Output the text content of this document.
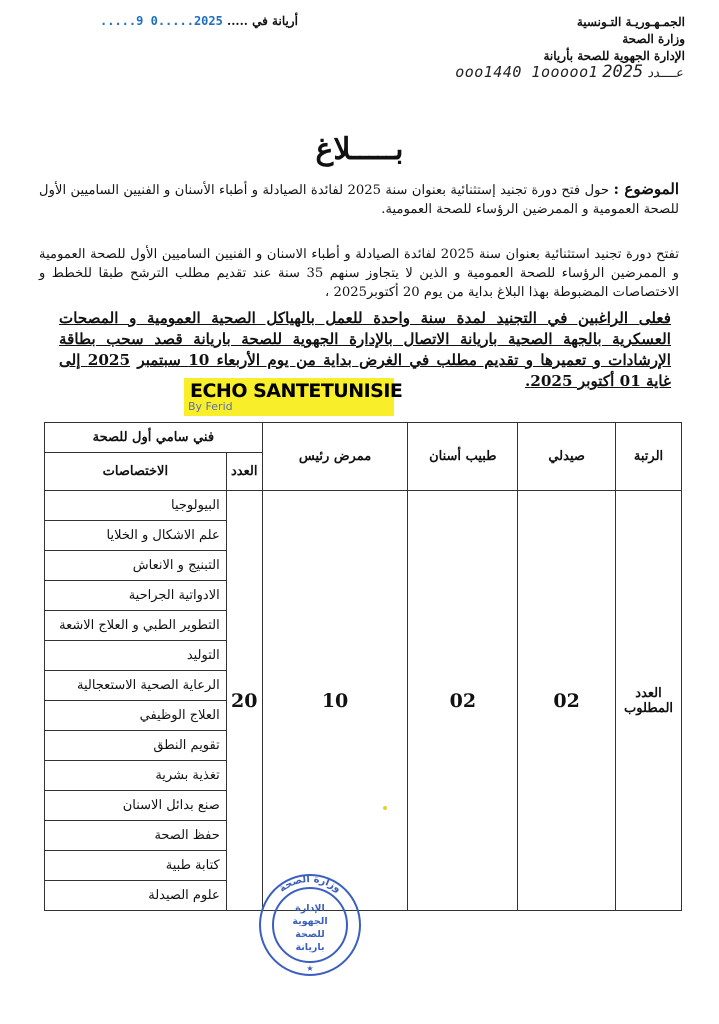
الجمـهـوريـة التـونسية
وزارة الصحة
الإدارة الجهوية للصحة بأريانة
أريانة في ..... 2025.....0 9.....
ooo1440 1ooooo1	عــــدد 2025
بـــــلاغ
الموضوع : حول فتح دورة تجنيد إستثنائية بعنوان سنة 2025 لفائدة الصيادلة و أطباء الأسنان و الفنيين الساميين الأول للصحة العمومية و الممرضين الرؤساء للصحة العمومية.
تفتح دورة تجنيد استثنائية بعنوان سنة 2025 لفائدة الصيادلة و أطباء الاسنان و الفنيين الساميين الأول للصحة العمومية و الممرضين الرؤساء للصحة العمومية و الذين لا يتجاوز سنهم 35 سنة عند تقديم مطلب الترشح طبقا للخطط و الاختصاصات المضبوطة بهذا البلاغ بداية من يوم 20 أكتوبر2025 ،
فعلى الراغبين في التجنيد لمدة سنة واحدة للعمل بالهياكل الصحية العمومية و المصحات العسكرية بالجهة الصحية باريانة الاتصال بالإدارة الجهوية للصحة باريانة قصد سحب بطاقة الإرشادات و تعميرها و تقديم مطلب في الغرض بداية من يوم الأربعاء 10 سبتمبر 2025 إلى غاية 01 أكتوبر 2025.
ECHO SANTETUNISIE
By Ferid
الرتبة	صيدلي	طبيب أسنان	ممرض رئيس	فني سامي أول للصحة	
				العدد	الاختصاصات
العدد المطلوب	02	02	10	20	البيولوجيا
					علم الاشكال و الخلايا
					التبنيج و الانعاش
					الادواتية الجراحية
					التطوير الطبي و العلاج الاشعة
					التوليد
					الرعاية الصحية الاستعجالية
					العلاج الوظيفي
					تقويم النطق
					تغذية بشرية
					صنع بدائل الاسنان
					حفظ الصحة
					كتابة طبية
					علوم الصيدلة	وزارة الصحة
الإدارة
الجهوية
للصحة
باريانة
★
